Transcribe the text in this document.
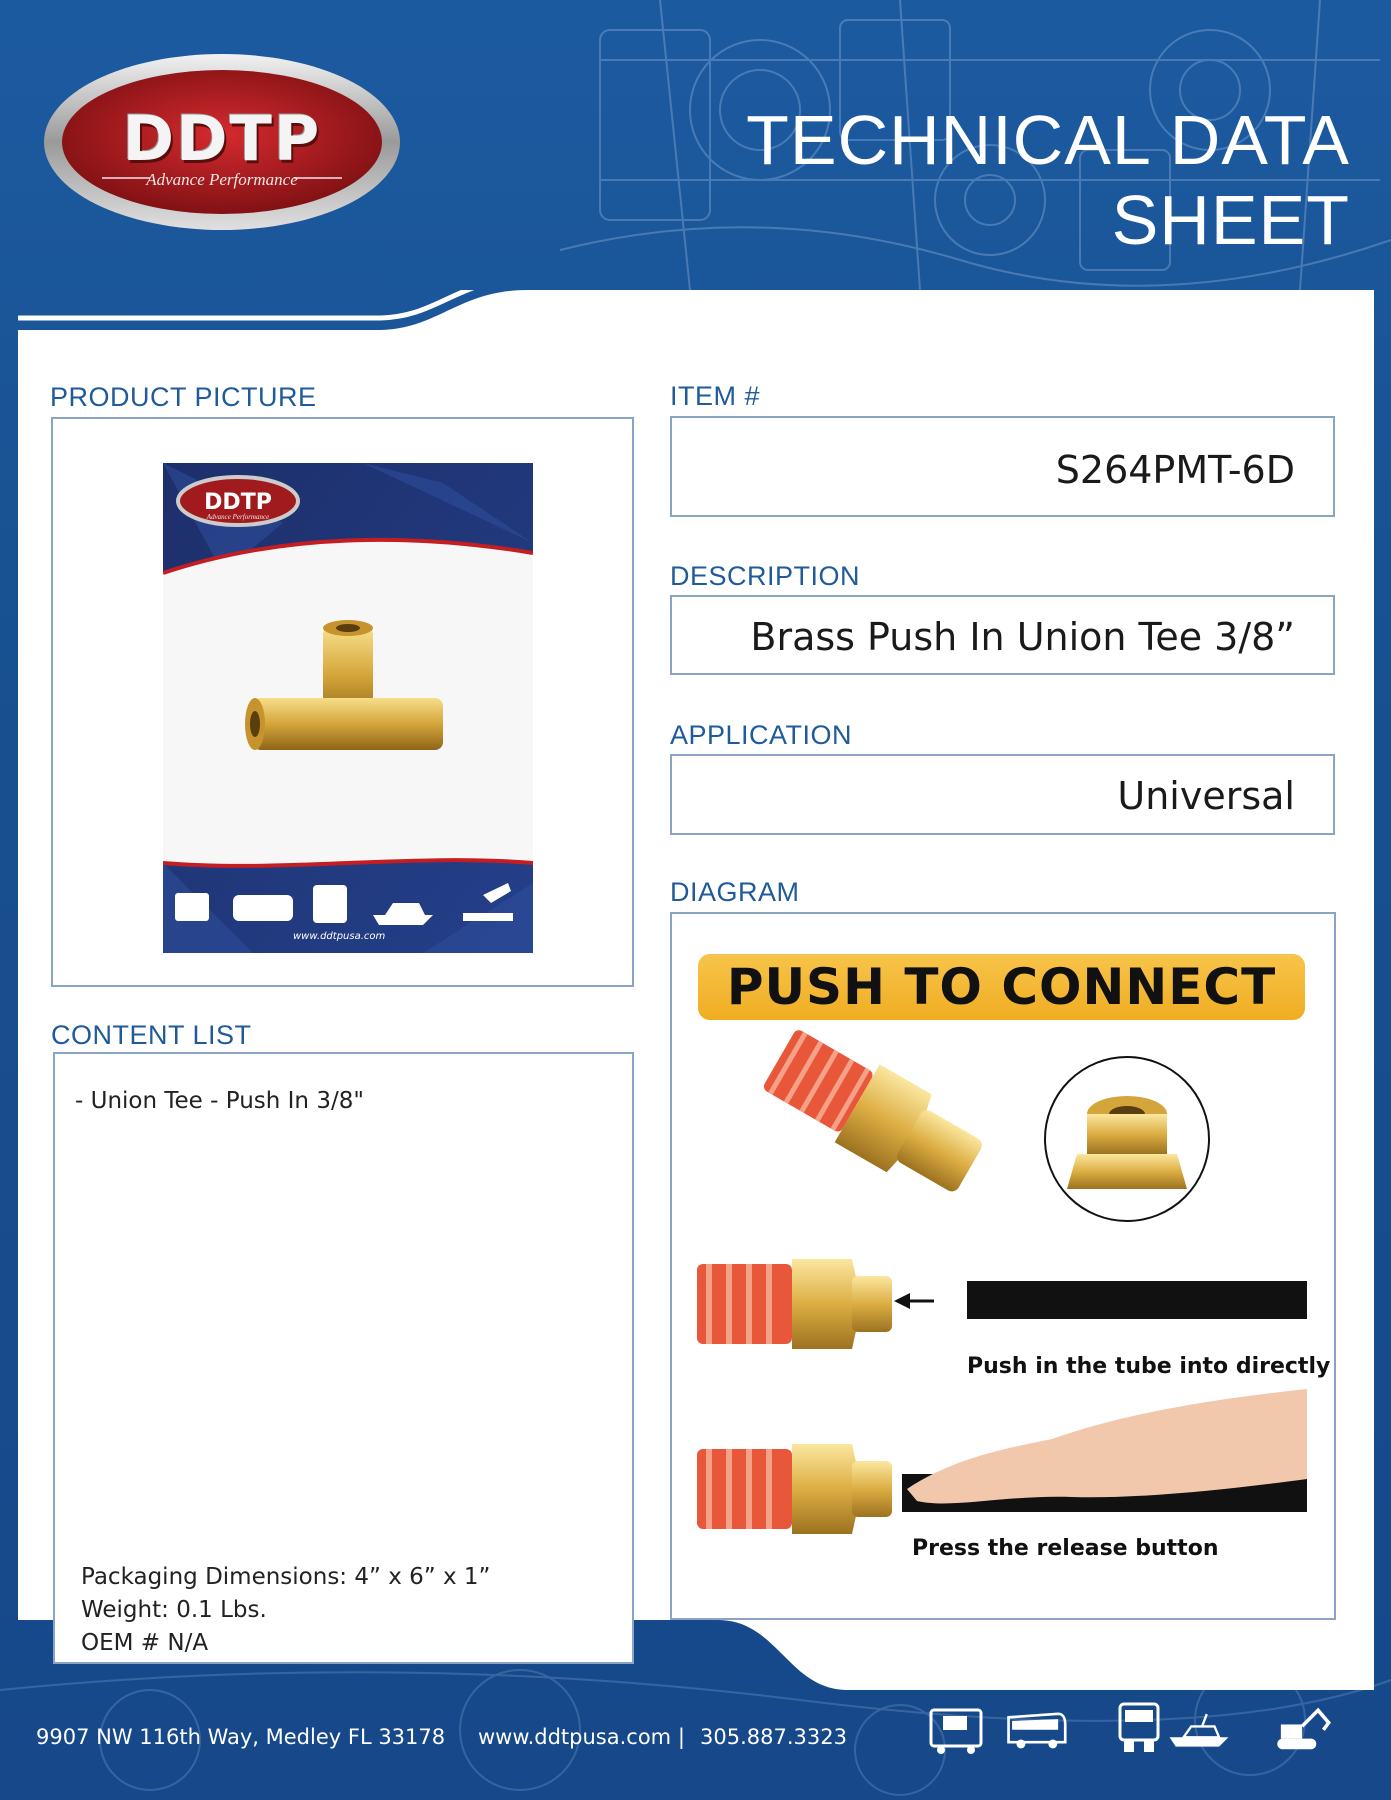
DDTP
Advance Performance
TECHNICAL DATA SHEET
PRODUCT PICTURE
DDTP
Advance Performance
www.ddtpusa.com
ITEM #
S264PMT-6D
DESCRIPTION
Brass Push In Union Tee 3/8”
APPLICATION
Universal
DIAGRAM
PUSH TO CONNECT
Push in the tube into directly
Press the release button
CONTENT LIST
- Union Tee - Push In 3/8"
Packaging Dimensions: 4” x 6” x 1”
Weight: 0.1 Lbs.
OEM # N/A
9907 NW 116th Way, Medley FL 33178 www.ddtpusa.com | 305.887.3323
